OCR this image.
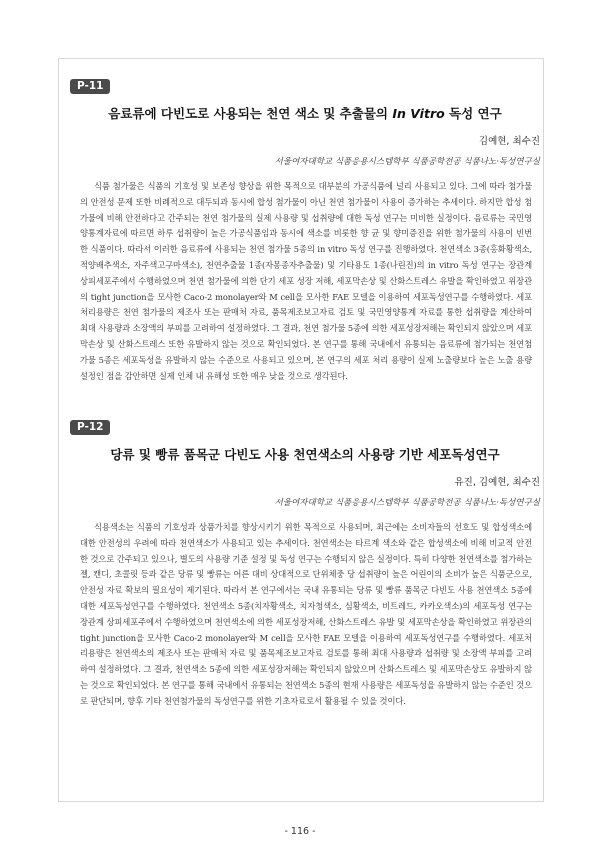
P-11
음료류에 다빈도로 사용되는 천연 색소 및 추출물의 In Vitro 독성 연구
김예현, 최수진
서울여자대학교 식품응용시스템학부 식품공학전공 식품나노·독성연구실

식품 첨가물은 식품의 기호성 및 보존성 향상을 위한 목적으로 대부분의 가공식품에 널리 사용되고 있다. 그에 따라 첨가물의 안전성 문제 또한 비례적으로 대두되과 동시에 합성 첨가물이 아닌 천연 첨가물이 사용이 증가하는 추세이다. 하지만 합성 첨가물에 비해 안전하다고 간주되는 천연 첨가물의 실제 사용량 및 섭취량에 대한 독성 연구는 미비한 실정이다. 음료류는 국민영양통계자료에 따르면 하루 섭취량이 높은 가공식품임과 동시에 색소를 비롯한 향 균 및 향미증진을 위한 첨가물의 사용이 빈번한 식품이다. 따라서 이러한 음료류에 사용되는 천연 첨가물 5종의 in vitro 독성 연구를 진행하였다. 천연색소 3종(홍화황색소, 적양배추색소, 자주색고구마색소), 천연추출물 1종(자몽종자추출물) 및 기타용도 1종(나린진)의 in vitro 독성 연구는 장관계 상피세포주에서 수행하였으며 천연 첨가물에 의한 단기 세포 성장 저해, 세포막손상 및 산화스트레스 유발을 확인하였고 위장관의 tight junction을 모사한 Caco-2 monolayer와 M cell을 모사한 FAE 모델을 이용하여 세포독성연구를 수행하였다. 세포처리용량은 천연 첨가물의 제조사 또는 판매처 자료, 품목제조보고자료 검토 및 국민영양통계 자료를 통한 섭취량을 계산하여 최대 사용량과 소장액의 부피를 고려하여 설정하였다. 그 결과, 천연 첨가물 5종에 의한 세포성장저해는 확인되지 않았으며 세포막손상 및 산화스트레스 또한 유발하지 않는 것으로 확인되었다. 본 연구를 통해 국내에서 유통되는 음료류에 첨가되는 천연첨가물 5종은 세포독성을 유발하지 않는 수준으로 사용되고 있으며, 본 연구의 세포 처리 용량이 실제 노출량보다 높은 노출 용량 설정인 점을 감안하면 실제 인체 내 유해성 또한 매우 낮을 것으로 생각된다.

P-12
당류 및 빵류 품목군 다빈도 사용 천연색소의 사용량 기반 세포독성연구
유진, 김예현, 최수진
서울여자대학교 식품응용시스템학부 식품공학전공 식품나노·독성연구실

식용색소는 식품의 기호성과 상품가치를 향상시키기 위한 목적으로 사용되며, 최근에는 소비자들의 선호도 및 합성색소에 대한 안전성의 우려에 따라 천연색소가 사용되고 있는 추세이다. 천연색소는 타르계 색소와 같은 합성색소에 비해 비교적 안전한 것으로 간주되고 있으나, 별도의 사용량 기준 설정 및 독성 연구는 수행되지 않은 실정이다. 특히 다양한 천연색소를 첨가하는 젤, 캔디, 초콜릿 등과 같은 당류 및 빵류는 어른 대비 상대적으로 단위체중 당 섭취량이 높은 어린이의 소비가 높은 식품군으로, 안전성 자료 확보의 필요성이 제기된다. 따라서 본 연구에서는 국내 유통되는 당류 및 빵류 품목군 다빈도 사용 천연색소 5종에 대한 세포독성연구를 수행하였다. 천연색소 5종(치자황색소, 치자청색소, 심황색소, 비트레드, 카카오색소)의 세포독성 연구는 장관계 상피세포주에서 수행하였으며 천연색소에 의한 세포성장저해, 산화스트레스 유발 및 세포막손상을 확인하였고 위장관의 tight junction을 모사한 Caco-2 monolayer와 M cell을 모사한 FAE 모델을 이용하여 세포독성연구를 수행하였다. 세포처리용량은 천연색소의 제조사 또는 판매처 자료 및 품목제조보고자료 검토를 통해 최대 사용량과 섭취량 및 소장액 부피를 고려하여 설정하였다. 그 결과, 천연색소 5종에 의한 세포성장저해는 확인되지 않았으며 산화스트레스 및 세포막손상도 유발하지 않는 것으로 확인되었다. 본 연구를 통해 국내에서 유통되는 천연색소 5종의 현재 사용량은 세포독성을 유발하지 않는 수준인 것으로 판단되며, 향후 기타 천연첨가물의 독성연구를 위한 기초자료로서 활용될 수 있을 것이다.

- 116 -
